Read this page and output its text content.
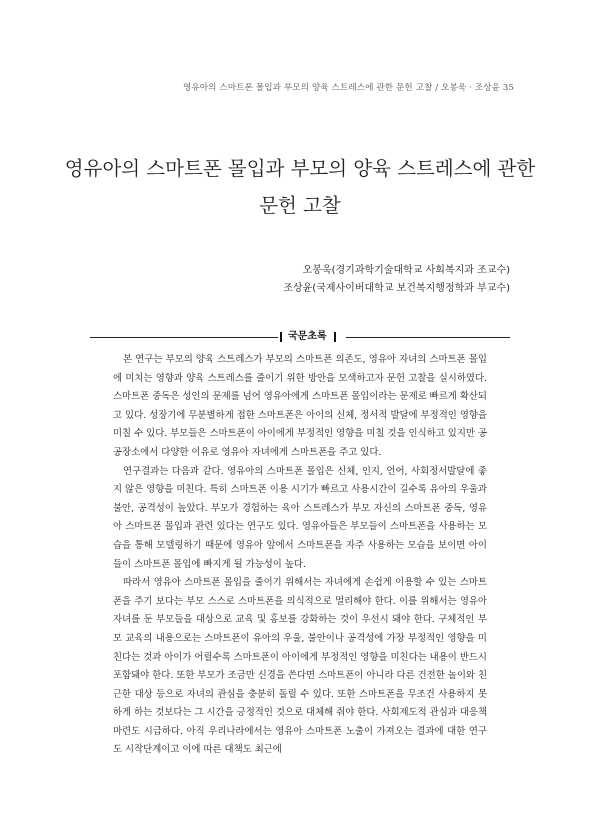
영유아의 스마트폰 몰입과 부모의 양육 스트레스에 관한 문헌 고찰 / 오봉욱 · 조상윤 35
영유아의 스마트폰 몰입과 부모의 양육 스트레스에 관한
문헌 고찰
오봉욱(경기과학기술대학교 사회복지과 조교수)
조상윤(국제사이버대학교 보건복지행정학과 부교수)
국문초록

본 연구는 부모의 양육 스트레스가 부모의 스마트폰 의존도, 영유아 자녀의 스마트폰 몰입에 미치는 영향과 양육 스트레스를 줄이기 위한 방안을 모색하고자 문헌 고찰을 실시하였다. 스마트폰 중독은 성인의 문제를 넘어 영유아에게 스마트폰 몰입이라는 문제로 빠르게 확산되고 있다. 성장기에 무분별하게 접한 스마트폰은 아이의 신체, 정서적 발달에 부정적인 영향을 미칠 수 있다. 부모들은 스마트폰이 아이에게 부정적인 영향을 미칠 것을 인식하고 있지만 공공장소에서 다양한 이유로 영유아 자녀에게 스마트폰을 주고 있다.

연구결과는 다음과 같다. 영유아의 스마트폰 몰입은 신체, 인지, 언어, 사회정서발달에 좋지 않은 영향을 미친다. 특히 스마트폰 이용 시기가 빠르고 사용시간이 길수록 유아의 우울과 불안, 공격성이 높았다. 부모가 경험하는 육아 스트레스가 부모 자신의 스마트폰 중독, 영유아 스마트폰 몰입과 관련 있다는 연구도 있다. 영유아들은 부모들이 스마트폰을 사용하는 모습을 통해 모델링하기 때문에 영유아 앞에서 스마트폰을 자주 사용하는 모습을 보이면 아이들이 스마트폰 몰입에 빠지게 될 가능성이 높다.

따라서 영유아 스마트폰 몰입을 줄이기 위해서는 자녀에게 손쉽게 이용할 수 있는 스마트폰을 주기 보다는 부모 스스로 스마트폰을 의식적으로 멀리해야 한다. 이를 위해서는 영유아 자녀를 둔 부모들을 대상으로 교육 및 홍보를 강화하는 것이 우선시 돼야 한다. 구체적인 부모 교육의 내용으로는 스마트폰이 유아의 우울, 불안이나 공격성에 가장 부정적인 영향을 미친다는 것과 아이가 어릴수록 스마트폰이 아이에게 부정적인 영향을 미친다는 내용이 반드시 포함돼야 한다. 또한 부모가 조금만 신경을 쓴다면 스마트폰이 아니라 다른 건전한 놀이와 친근한 대상 등으로 자녀의 관심을 충분히 돌릴 수 있다. 또한 스마트폰을 무조건 사용하지 못하게 하는 것보다는 그 시간을 긍정적인 것으로 대체해 줘야 한다. 사회제도적 관심과 대응책 마련도 시급하다. 아직 우리나라에서는 영유아 스마트폰 노출이 가져오는 결과에 대한 연구도 시작단계이고 이에 따른 대책도 최근에
